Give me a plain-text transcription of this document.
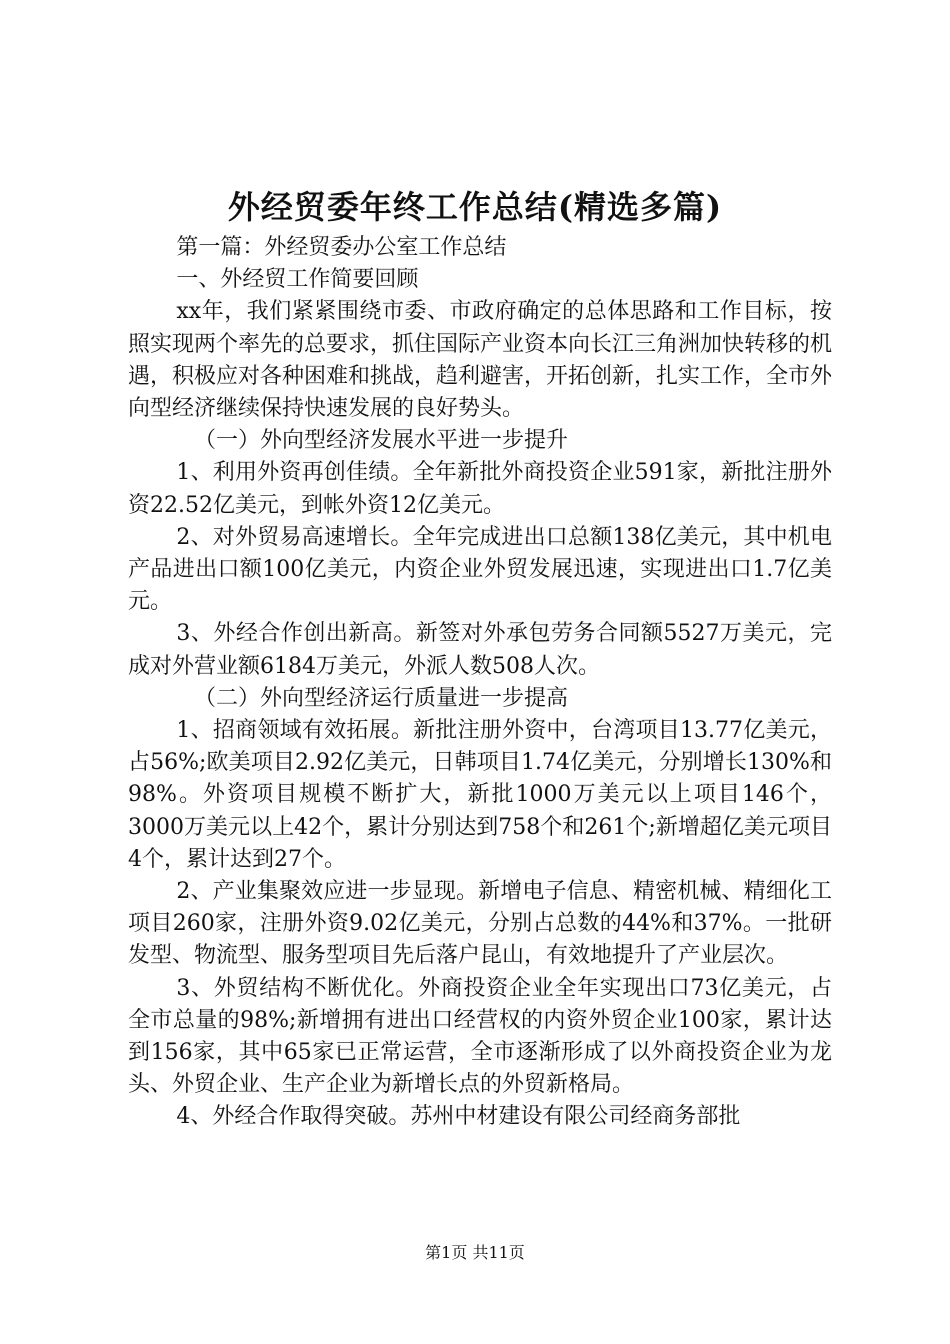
外经贸委年终工作总结(精选多篇)

第一篇：外经贸委办公室工作总结

一、外经贸工作简要回顾

xx年，我们紧紧围绕市委、市政府确定的总体思路和工作目标，按照实现两个率先的总要求，抓住国际产业资本向长江三角洲加快转移的机遇，积极应对各种困难和挑战，趋利避害，开拓创新，扎实工作，全市外向型经济继续保持快速发展的良好势头。

（一）外向型经济发展水平进一步提升

1、利用外资再创佳绩。全年新批外商投资企业591家，新批注册外资22.52亿美元，到帐外资12亿美元。

2、对外贸易高速增长。全年完成进出口总额138亿美元，其中机电产品进出口额100亿美元，内资企业外贸发展迅速，实现进出口1.7亿美元。

3、外经合作创出新高。新签对外承包劳务合同额5527万美元，完成对外营业额6184万美元，外派人数508人次。

（二）外向型经济运行质量进一步提高

1、招商领域有效拓展。新批注册外资中，台湾项目13.77亿美元，占56%;欧美项目2.92亿美元，日韩项目1.74亿美元，分别增长130%和98%。外资项目规模不断扩大，新批1000万美元以上项目146个，3000万美元以上42个，累计分别达到758个和261个;新增超亿美元项目4个，累计达到27个。

2、产业集聚效应进一步显现。新增电子信息、精密机械、精细化工项目260家，注册外资9.02亿美元，分别占总数的44%和37%。一批研发型、物流型、服务型项目先后落户昆山，有效地提升了产业层次。

3、外贸结构不断优化。外商投资企业全年实现出口73亿美元，占全市总量的98%;新增拥有进出口经营权的内资外贸企业100家，累计达到156家，其中65家已正常运营，全市逐渐形成了以外商投资企业为龙头、外贸企业、生产企业为新增长点的外贸新格局。

4、外经合作取得突破。苏州中材建设有限公司经商务部批

第1页 共11页
